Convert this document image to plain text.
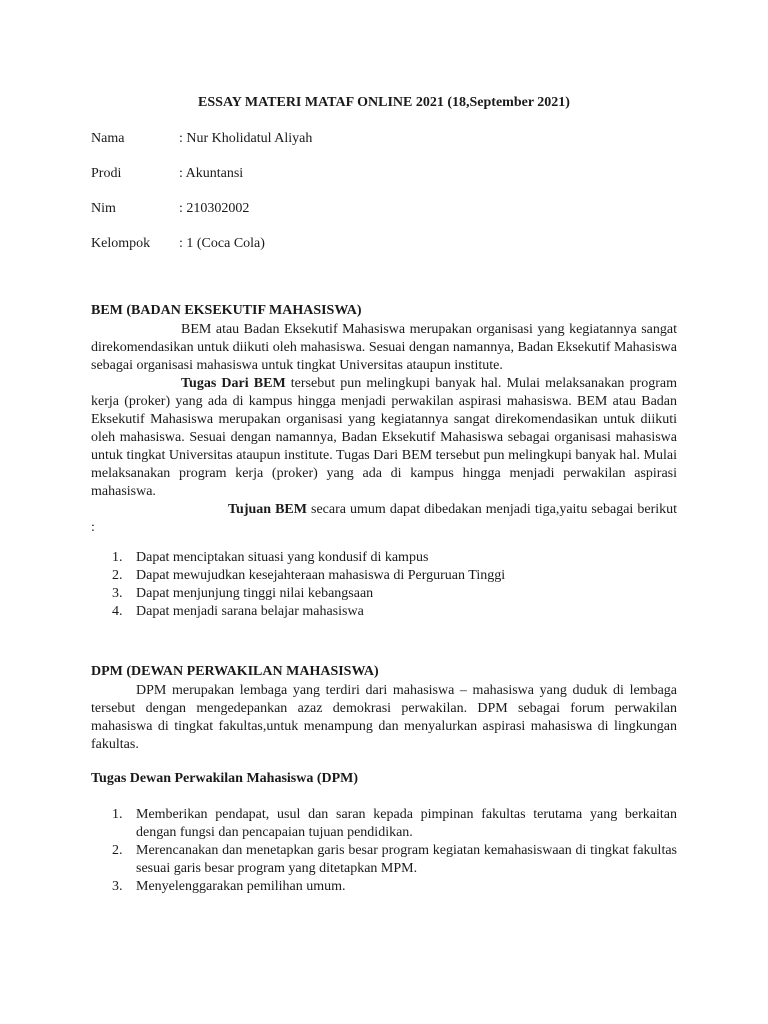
ESSAY MATERI MATAF ONLINE 2021 (18,September 2021)
Nama	: Nur Kholidatul Aliyah
Prodi	: Akuntansi
Nim	: 210302002
Kelompok : 1 (Coca Cola)
BEM (BADAN EKSEKUTIF MAHASISWA)

BEM atau Badan Eksekutif Mahasiswa merupakan organisasi yang kegiatannya sangat direkomendasikan untuk diikuti oleh mahasiswa. Sesuai dengan namannya, Badan Eksekutif Mahasiswa sebagai organisasi mahasiswa untuk tingkat Universitas ataupun institute.

Tugas Dari BEM tersebut pun melingkupi banyak hal. Mulai melaksanakan program kerja (proker) yang ada di kampus hingga menjadi perwakilan aspirasi mahasiswa. BEM atau Badan Eksekutif Mahasiswa merupakan organisasi yang kegiatannya sangat direkomendasikan untuk diikuti oleh mahasiswa. Sesuai dengan namannya, Badan Eksekutif Mahasiswa sebagai organisasi mahasiswa untuk tingkat Universitas ataupun institute. Tugas Dari BEM tersebut pun melingkupi banyak hal. Mulai melaksanakan program kerja (proker) yang ada di kampus hingga menjadi perwakilan aspirasi mahasiswa.

Tujuan BEM secara umum dapat dibedakan menjadi tiga,yaitu sebagai berikut :

1. Dapat menciptakan situasi yang kondusif di kampus
2. Dapat mewujudkan kesejahteraan mahasiswa di Perguruan Tinggi
3. Dapat menjunjung tinggi nilai kebangsaan
4. Dapat menjadi sarana belajar mahasiswa
DPM (DEWAN PERWAKILAN MAHASISWA)

DPM merupakan lembaga yang terdiri dari mahasiswa – mahasiswa yang duduk di lembaga tersebut dengan mengedepankan azaz demokrasi perwakilan. DPM sebagai forum perwakilan mahasiswa di tingkat fakultas,untuk menampung dan menyalurkan aspirasi mahasiswa di lingkungan fakultas.

Tugas Dewan Perwakilan Mahasiswa (DPM)
1. Memberikan pendapat, usul dan saran kepada pimpinan fakultas terutama yang berkaitan dengan fungsi dan pencapaian tujuan pendidikan.
2. Merencanakan dan menetapkan garis besar program kegiatan kemahasiswaan di tingkat fakultas sesuai garis besar program yang ditetapkan MPM.
3. Menyelenggarakan pemilihan umum.
